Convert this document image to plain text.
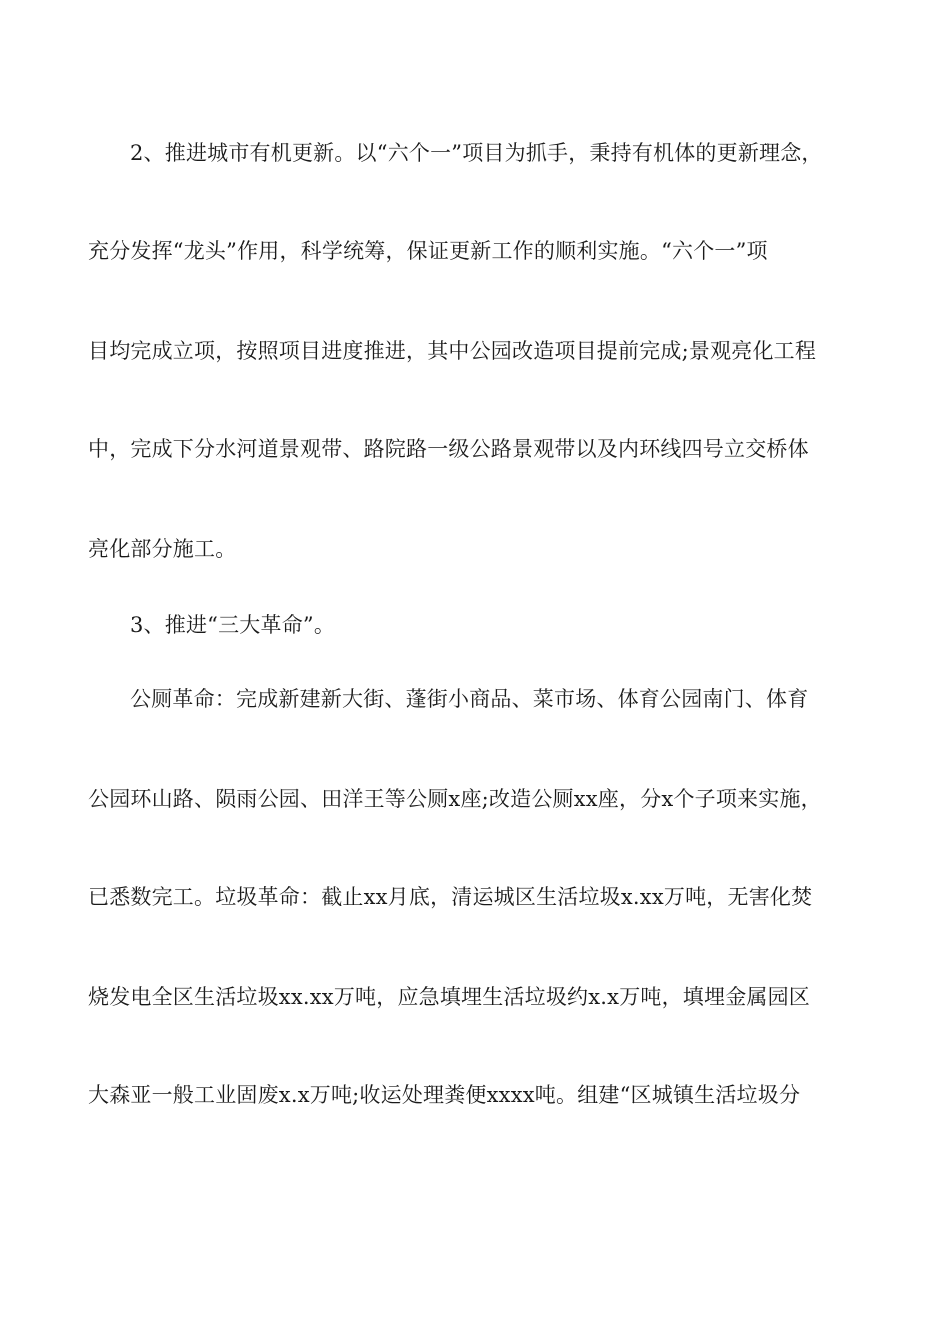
2、推进城市有机更新。以“六个一”项目为抓手，秉持有机体的更新理念，
充分发挥“龙头”作用，科学统筹，保证更新工作的顺利实施。“六个一”项
目均完成立项，按照项目进度推进，其中公园改造项目提前完成;景观亮化工程
中，完成下分水河道景观带、路院路一级公路景观带以及内环线四号立交桥体
亮化部分施工。
3、推进“三大革命”。
公厕革命：完成新建新大街、蓬街小商品、菜市场、体育公园南门、体育
公园环山路、陨雨公园、田洋王等公厕x座;改造公厕xx座，分x个子项来实施，
已悉数完工。垃圾革命：截止xx月底，清运城区生活垃圾x.xx万吨，无害化焚
烧发电全区生活垃圾xx.xx万吨，应急填埋生活垃圾约x.x万吨，填埋金属园区
大森亚一般工业固废x.x万吨;收运处理粪便xxxx吨。组建“区城镇生活垃圾分
